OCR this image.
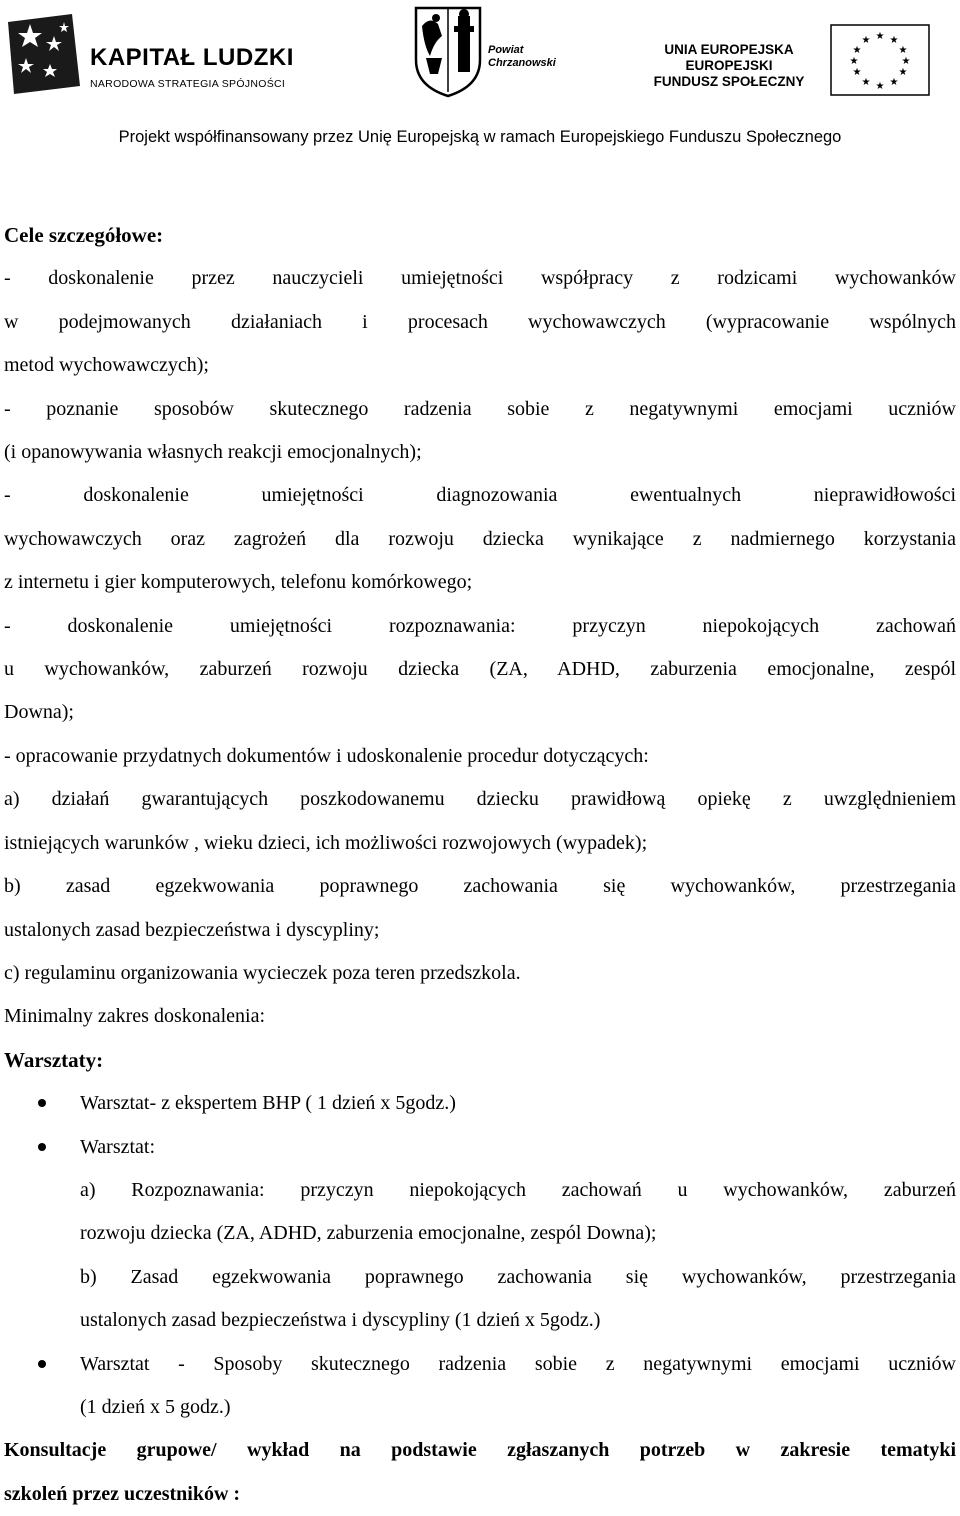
KAPITAŁ LUDZKI
NARODOWA STRATEGIA SPÓJNOŚCI
Powiat
Chrzanowski
UNIA EUROPEJSKA
EUROPEJSKI
FUNDUSZ SPOŁECZNY
★ ★
★
★
★
★
★
★
★
★
★
★
Projekt współfinansowany przez Unię Europejską w ramach Europejskiego Funduszu Społecznego

Cele szczegółowe:

- doskonalenie przez nauczycieli umiejętności współpracy z rodzicami wychowanków

w podejmowanych działaniach i procesach wychowawczych (wypracowanie wspólnych

metod wychowawczych);

- poznanie sposobów skutecznego radzenia sobie z negatywnymi emocjami uczniów

(i opanowywania własnych reakcji emocjonalnych);

- doskonalenie umiejętności diagnozowania ewentualnych nieprawidłowości

wychowawczych oraz zagrożeń dla rozwoju dziecka wynikające z nadmiernego korzystania

z internetu i gier komputerowych, telefonu komórkowego;

- doskonalenie umiejętności rozpoznawania: przyczyn niepokojących zachowań

u wychowanków, zaburzeń rozwoju dziecka (ZA, ADHD, zaburzenia emocjonalne, zespól

Downa);

- opracowanie przydatnych dokumentów i udoskonalenie procedur dotyczących:

a) działań gwarantujących poszkodowanemu dziecku prawidłową opiekę z uwzględnieniem

istniejących warunków , wieku dzieci, ich możliwości rozwojowych (wypadek);

b) zasad egzekwowania poprawnego zachowania się wychowanków, przestrzegania

ustalonych zasad bezpieczeństwa i dyscypliny;

c) regulaminu organizowania wycieczek poza teren przedszkola.

Minimalny zakres doskonalenia:

Warsztaty:

Warsztat- z ekspertem BHP ( 1 dzień x 5godz.)

Warsztat:

a) Rozpoznawania: przyczyn niepokojących zachowań u wychowanków, zaburzeń

rozwoju dziecka (ZA, ADHD, zaburzenia emocjonalne, zespól Downa);

b) Zasad egzekwowania poprawnego zachowania się wychowanków, przestrzegania

ustalonych zasad bezpieczeństwa i dyscypliny (1 dzień x 5godz.)

Warsztat - Sposoby skutecznego radzenia sobie z negatywnymi emocjami uczniów

(1 dzień x 5 godz.)

Konsultacje grupowe/ wykład na podstawie zgłaszanych potrzeb w zakresie tematyki

szkoleń przez uczestników :
